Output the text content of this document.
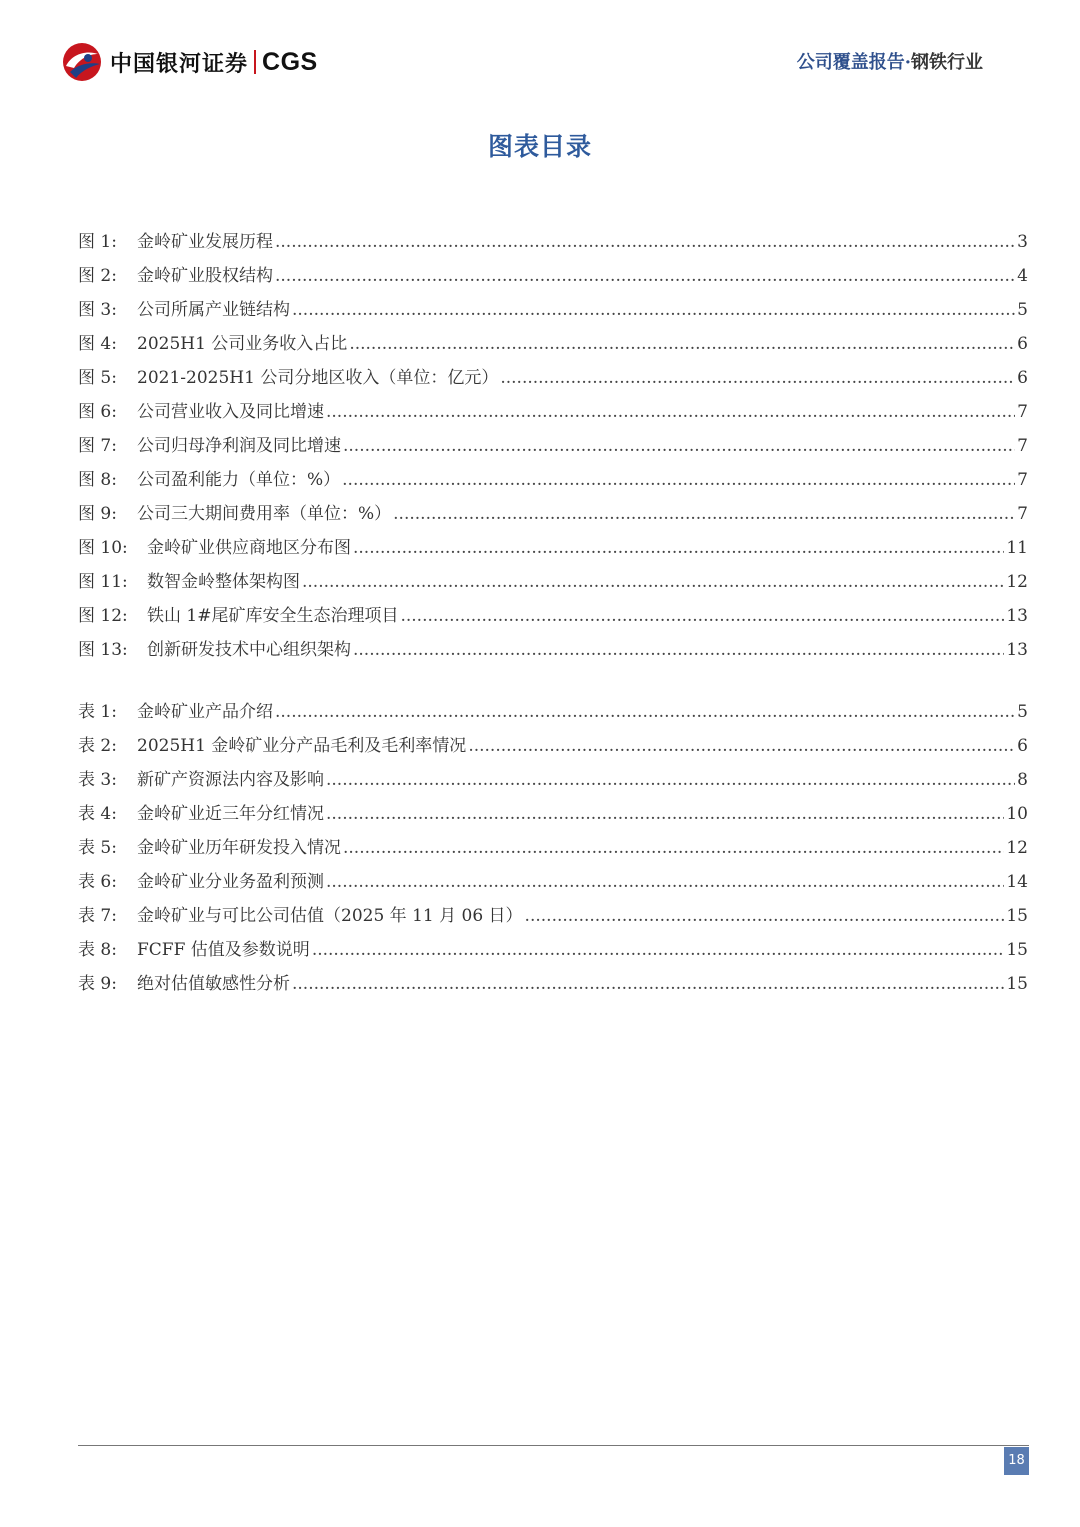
中国银河证券 CGS	公司覆盖报告·钢铁行业
图表目录
图 1:	金岭矿业发展历程 .....	3
图 2:	金岭矿业股权结构 .....	4
图 3:	公司所属产业链结构 .....	5
图 4:	2025H1 公司业务收入占比 .....	6
图 5:	2021-2025H1 公司分地区收入（单位：亿元） .....	6
图 6:	公司营业收入及同比增速 .....	7
图 7:	公司归母净利润及同比增速 .....	7
图 8:	公司盈利能力（单位：%） .....	7
图 9:	公司三大期间费用率（单位：%） .....	7
图 10:	金岭矿业供应商地区分布图 .....	11
图 11:	数智金岭整体架构图 .....	12
图 12:	铁山 1#尾矿库安全生态治理项目 .....	13
图 13:	创新研发技术中心组织架构 .....	13
表 1:	金岭矿业产品介绍 .....	5
表 2:	2025H1 金岭矿业分产品毛利及毛利率情况 .....	6
表 3:	新矿产资源法内容及影响 .....	8
表 4:	金岭矿业近三年分红情况 .....	10
表 5:	金岭矿业历年研发投入情况 .....	12
表 6:	金岭矿业分业务盈利预测 .....	14
表 7:	金岭矿业与可比公司估值（2025 年 11 月 06 日） .....	15
表 8:	FCFF 估值及参数说明 .....	15
表 9:	绝对估值敏感性分析 .....	15
18
